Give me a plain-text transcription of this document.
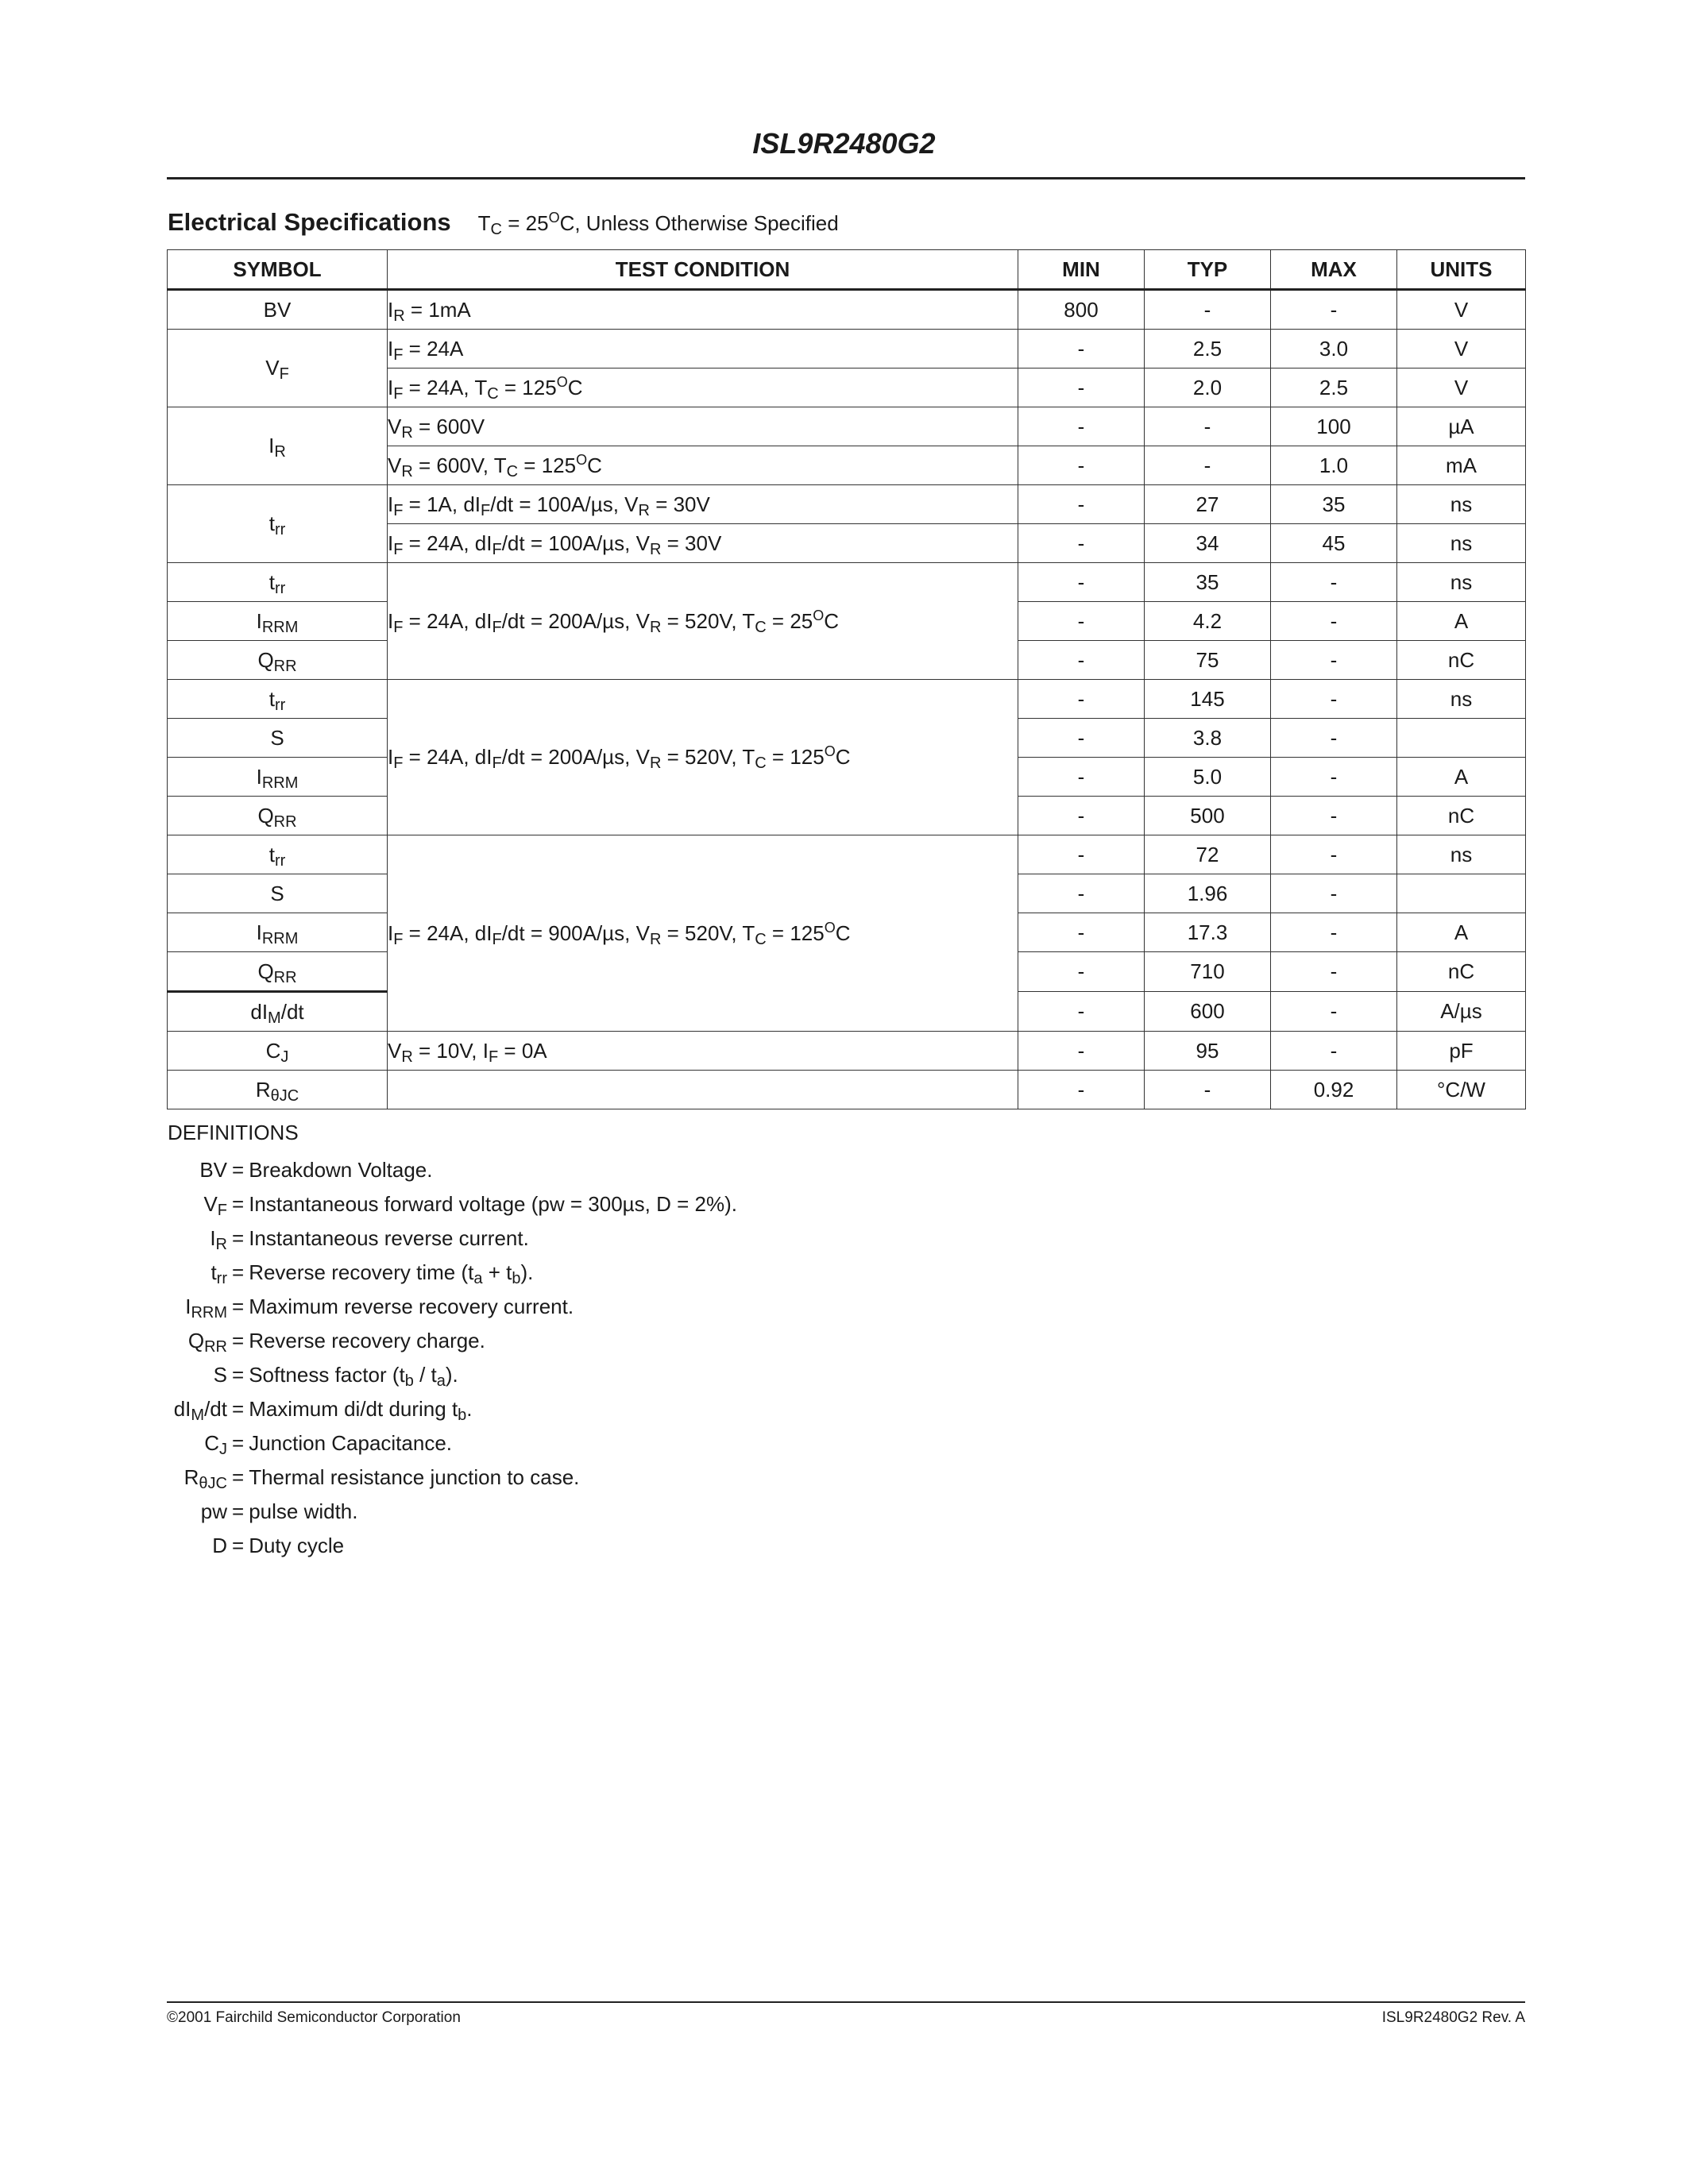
ISL9R2480G2
Electrical Specifications $T_C = 25^OC$, Unless Otherwise Specified
SYMBOL	TEST CONDITION	MIN	TYP	MAX	UNITS
BV	$I_R = 1mA$	800	-	-	V
$V_F$	$I_F = 24A$	-	2.5	3.0	V
	$I_F = 24A$, $T_C = 125^OC$	-	2.0	2.5	V
$I_R$	$V_R = 600V$	-	-	100	µA
	$V_R = 600V$, $T_C = 125^OC$	-	-	1.0	mA
$t_{rr}$	$I_F = 1A$, $dI_F/dt = 100A/\mu s$, $V_R = 30V$	-	27	35	ns
	$I_F = 24A$, $dI_F/dt = 100A/\mu s$, $V_R = 30V$	-	34	45	ns
$t_{rr}$	$I_F = 24A$, $dI_F/dt = 200A/\mu s$, $V_R = 520V$, $T_C = 25^OC$	-	35	-	ns
$I_{RRM}$		-	4.2	-	A
$Q_{RR}$		-	75	-	nC
$t_{rr}$	$I_F = 24A$, $dI_F/dt = 200A/\mu s$, $V_R = 520V$, $T_C = 125^OC$	-	145	-	ns
S		-	3.8	-	
$I_{RRM}$		-	5.0	-	A
$Q_{RR}$		-	500	-	nC
$t_{rr}$	$I_F = 24A$, $dI_F/dt = 900A/\mu s$, $V_R = 520V$, $T_C = 125^OC$	-	72	-	ns
S		-	1.96	-	
$I_{RRM}$		-	17.3	-	A
$Q_{RR}$		-	710	-	nC
$dI_M/dt$		-	600	-	A/µs
$C_J$	$V_R = 10V$, $I_F = 0A$	-	95	-	pF
$R_{\theta JC}$		-	-	0.92	°C/W
DEFINITIONS
BV = Breakdown Voltage.
$V_F$ = Instantaneous forward voltage (pw = 300µs, D = 2%).
$I_R$ = Instantaneous reverse current.
$t_{rr}$ = Reverse recovery time $(t_a + t_b)$.
$I_{RRM}$ = Maximum reverse recovery current.
$Q_{RR}$ = Reverse recovery charge.
S = Softness factor $(t_b / t_a)$.
$dI_M/dt$ = Maximum di/dt during $t_b$.
$C_J$ = Junction Capacitance.
$R_{\theta JC}$ = Thermal resistance junction to case.
pw = pulse width.
D = Duty cycle
©2001 Fairchild Semiconductor Corporation	ISL9R2480G2 Rev. A
